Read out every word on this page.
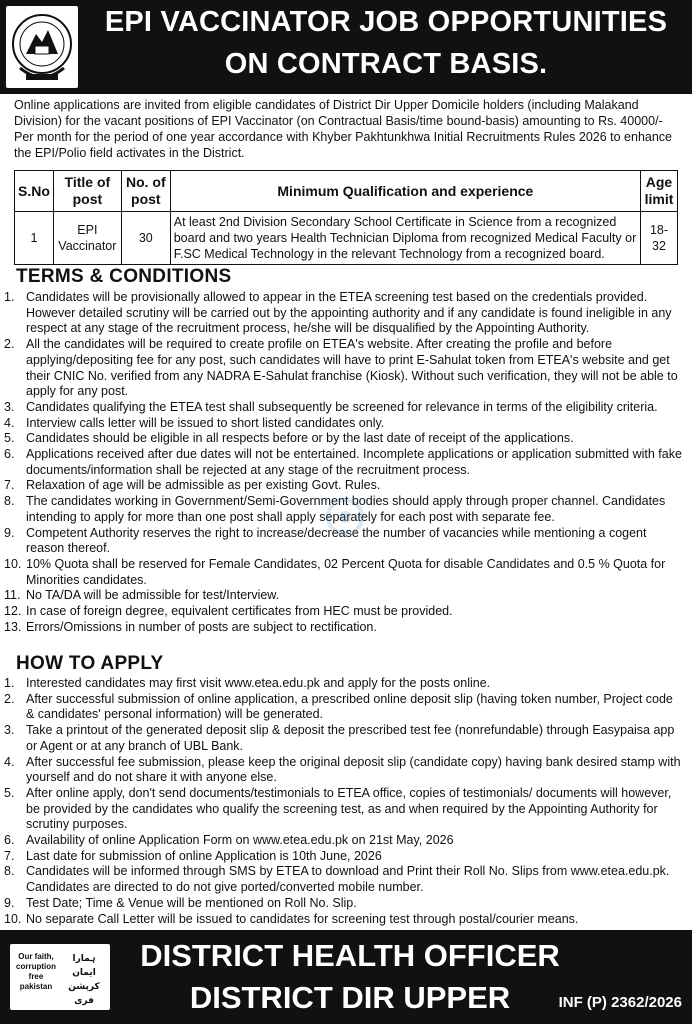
EPI VACCINATOR JOB OPPORTUNITIES
ON CONTRACT BASIS.
Online applications are invited from eligible candidates of District Dir Upper Domicile holders (including Malakand Division) for the vacant positions of EPI Vaccinator (on Contractual Basis/time bound-basis) amounting to Rs. 40000/-Per month for the period of one year accordance with Khyber Pakhtunkhwa Initial Recruitments Rules 2026 to enhance the EPI/Polio field activates in the District.
S.No	Title of post	No. of post	Minimum Qualification and experience	Age limit
1	EPI Vaccinator	30	At least 2nd Division Secondary School Certificate in Science from a recognized board and two years Health Technician Diploma from recognized Medical Faculty or F.SC Medical Technology in the relevant Technology from a recognized board.	18-32
TERMS & CONDITIONS
1. Candidates will be provisionally allowed to appear in the ETEA screening test based on the credentials provided. However detailed scrutiny will be carried out by the appointing authority and if any candidate is found ineligible in any respect at any stage of the recruitment process, he/she will be disqualified by the Appointing Authority.
2. All the candidates will be required to create profile on ETEA's website. After creating the profile and before applying/depositing fee for any post, such candidates will have to print E-Sahulat token from ETEA's website and get their CNIC No. verified from any NADRA E-Sahulat franchise (Kiosk). Without such verification, they will not be able to apply for any post.
3. Candidates qualifying the ETEA test shall subsequently be screened for relevance in terms of the eligibility criteria.
4. Interview calls letter will be issued to short listed candidates only.
5. Candidates should be eligible in all respects before or by the last date of receipt of the applications.
6. Applications received after due dates will not be entertained. Incomplete applications or application submitted with fake documents/information shall be rejected at any stage of the recruitment process.
7. Relaxation of age will be admissible as per existing Govt. Rules.
8. The candidates working in Government/Semi-Government bodies should apply through proper channel. Candidates intending to apply for more than one post shall apply separately for each post with separate fee.
9. Competent Authority reserves the right to increase/decrease the number of vacancies while mentioning a cogent reason thereof.
10. 10% Quota shall be reserved for Female Candidates, 02 Percent Quota for disable Candidates and 0.5 % Quota for Minorities candidates.
11. No TA/DA will be admissible for test/Interview.
12. In case of foreign degree, equivalent certificates from HEC must be provided.
13. Errors/Omissions in number of posts are subject to rectification.
HOW TO APPLY
1. Interested candidates may first visit www.etea.edu.pk and apply for the posts online.
2. After successful submission of online application, a prescribed online deposit slip (having token number, Project code & candidates' personal information) will be generated.
3. Take a printout of the generated deposit slip & deposit the prescribed test fee (nonrefundable) through Easypaisa app or Agent or at any branch of UBL Bank.
4. After successful fee submission, please keep the original deposit slip (candidate copy) having bank desired stamp with yourself and do not share it with anyone else.
5. After online apply, don't send documents/testimonials to ETEA office, copies of testimonials/ documents will however, be provided by the candidates who qualify the screening test, as and when required by the Appointing Authority for scrutiny purposes.
6. Availability of online Application Form on www.etea.edu.pk on 21st May, 2026
7. Last date for submission of online Application is 10th June, 2026
8. Candidates will be informed through SMS by ETEA to download and Print their Roll No. Slips from www.etea.edu.pk. Candidates are directed to do not give ported/converted mobile number.
9. Test Date; Time & Venue will be mentioned on Roll No. Slip.
10. No separate Call Letter will be issued to candidates for screening test through postal/courier means.
Our faith, corruption free pakistan
ہمارا ایمان کرپشن فری پاکستان
DISTRICT HEALTH OFFICER
DISTRICT DIR UPPER	INF (P) 2362/2026
